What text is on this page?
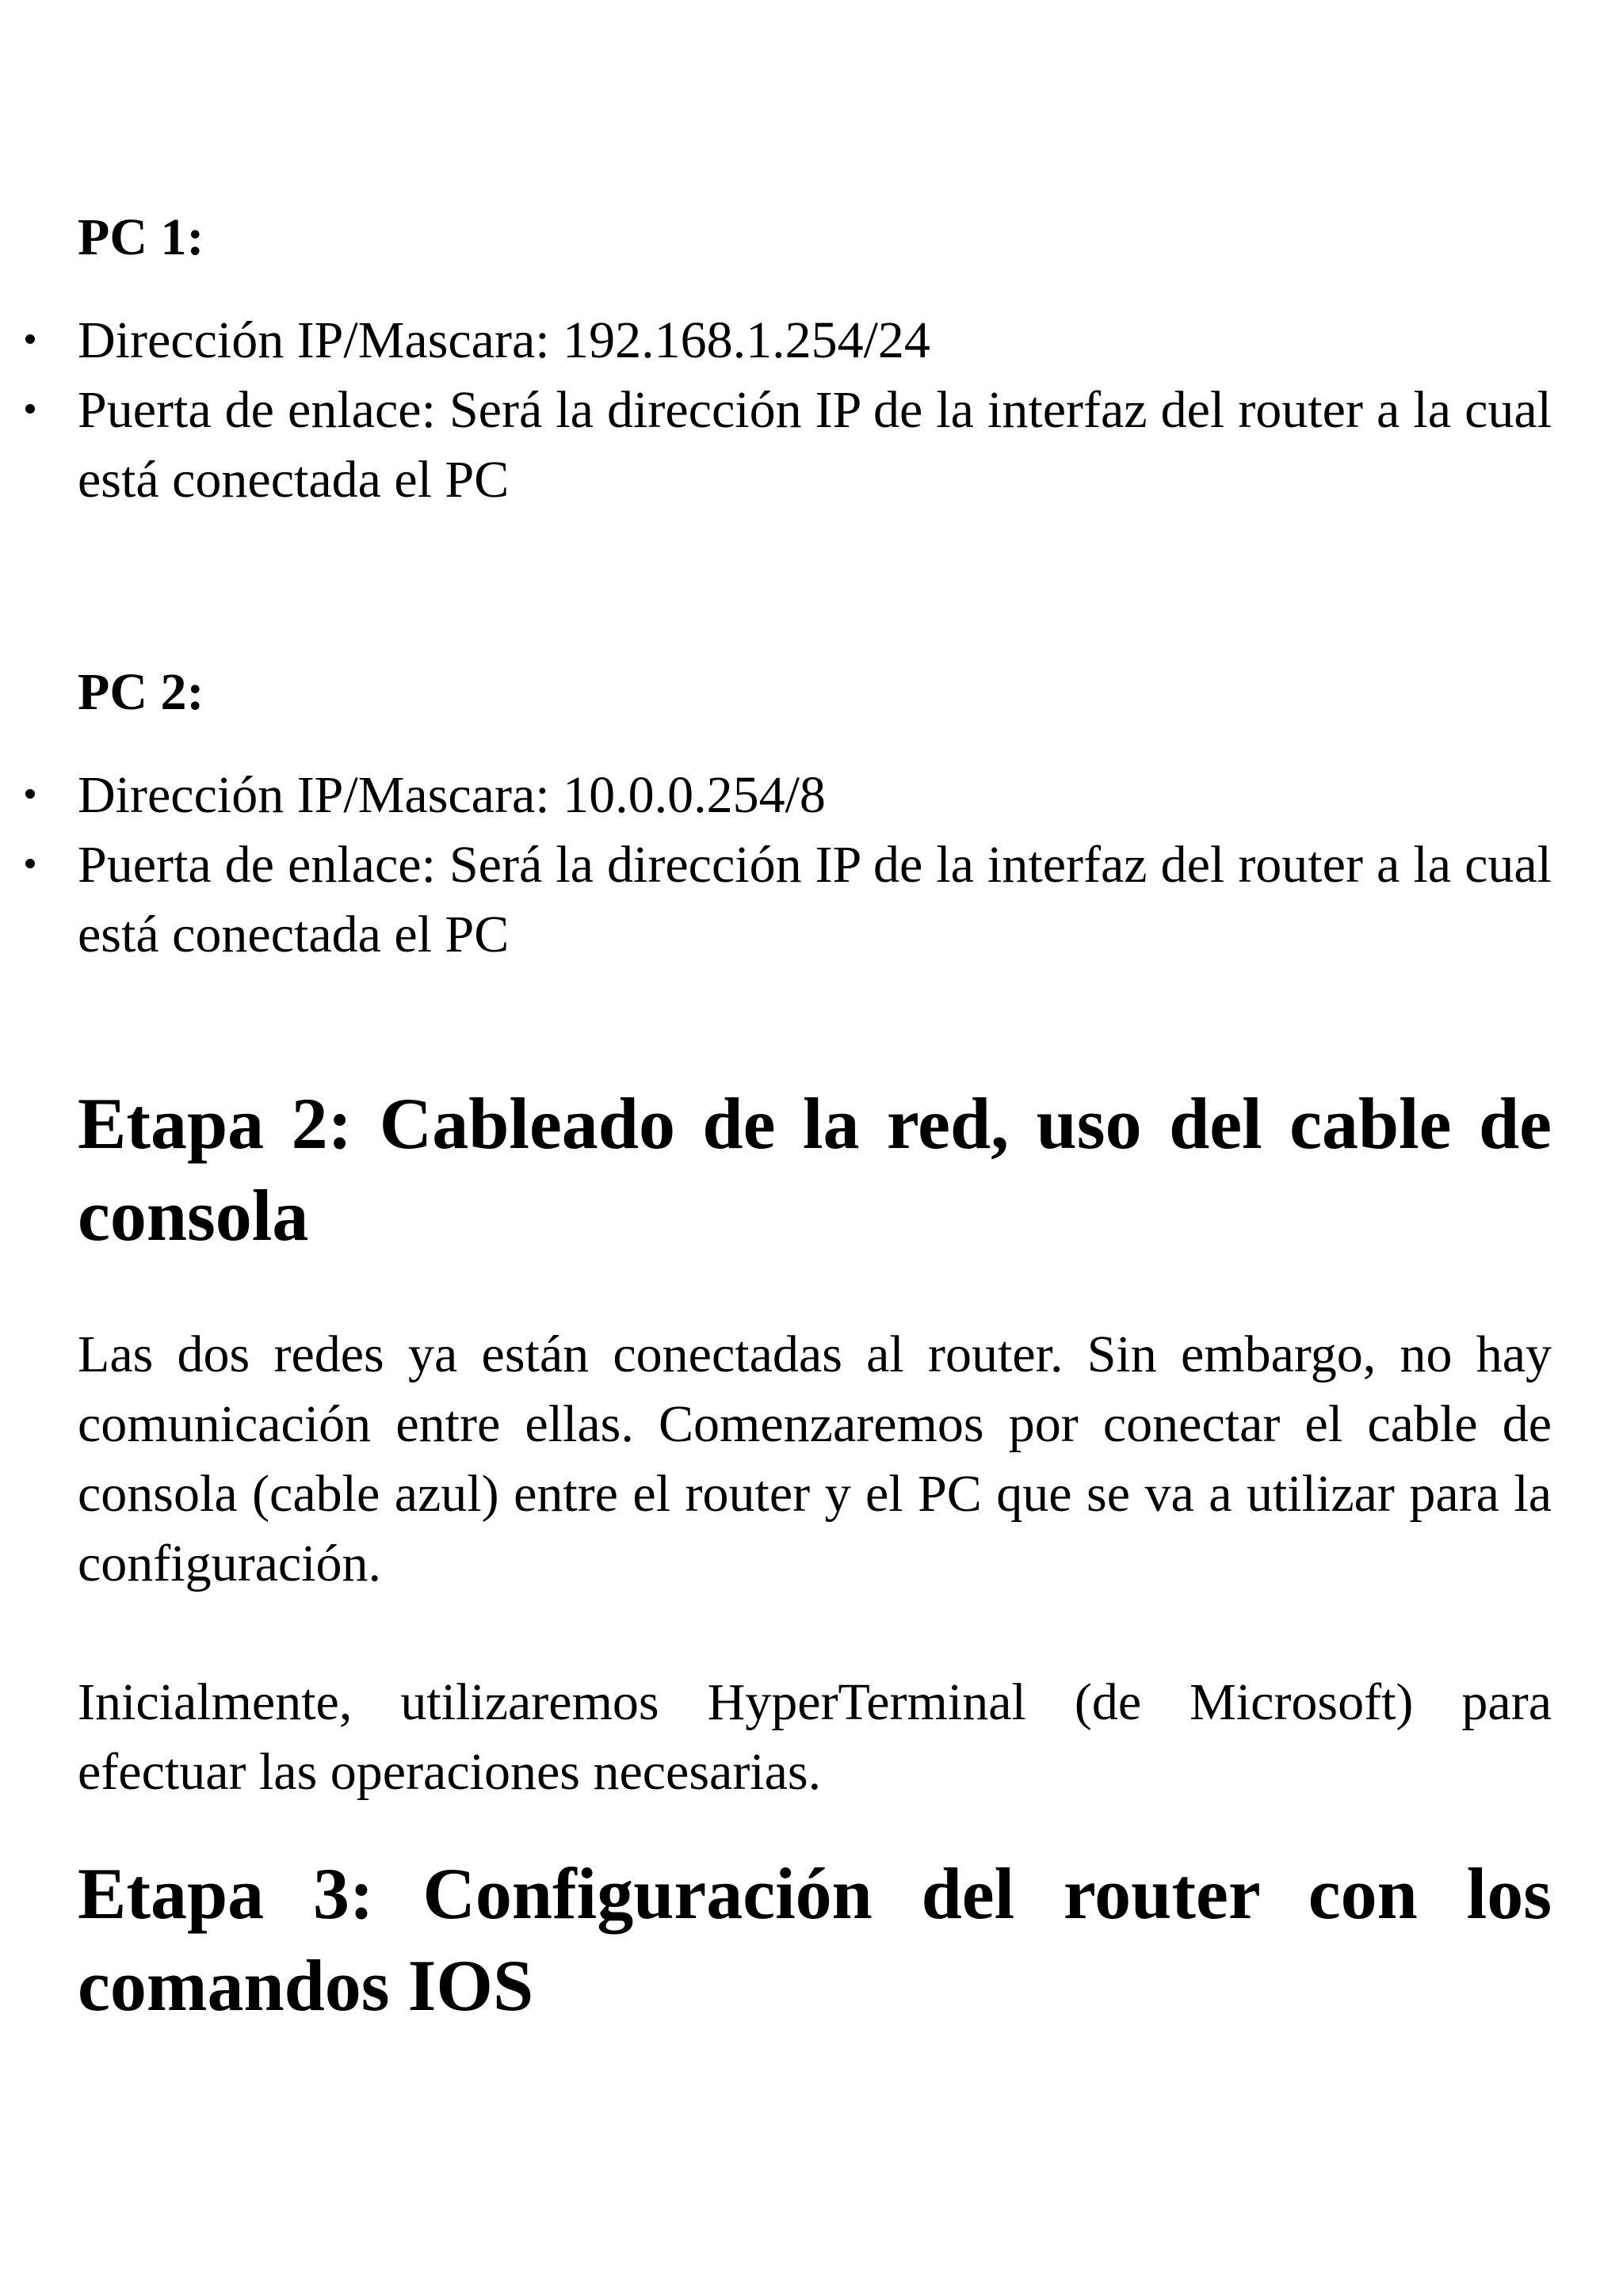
PC 1:
Dirección IP/Mascara: 192.168.1.254/24
Puerta de enlace: Será la dirección IP de la interfaz del router a la cual está conectada el PC
PC 2:
Dirección IP/Mascara: 10.0.0.254/8
Puerta de enlace: Será la dirección IP de la interfaz del router a la cual está conectada el PC
Etapa 2: Cableado de la red, uso del cable de consola

Las dos redes ya están conectadas al router. Sin embargo, no hay comunicación entre ellas. Comenzaremos por conectar el cable de consola (cable azul) entre el router y el PC que se va a utilizar para la configuración.

Inicialmente, utilizaremos HyperTerminal (de Microsoft) para efectuar las operaciones necesarias.

Etapa 3: Configuración del router con los comandos IOS
